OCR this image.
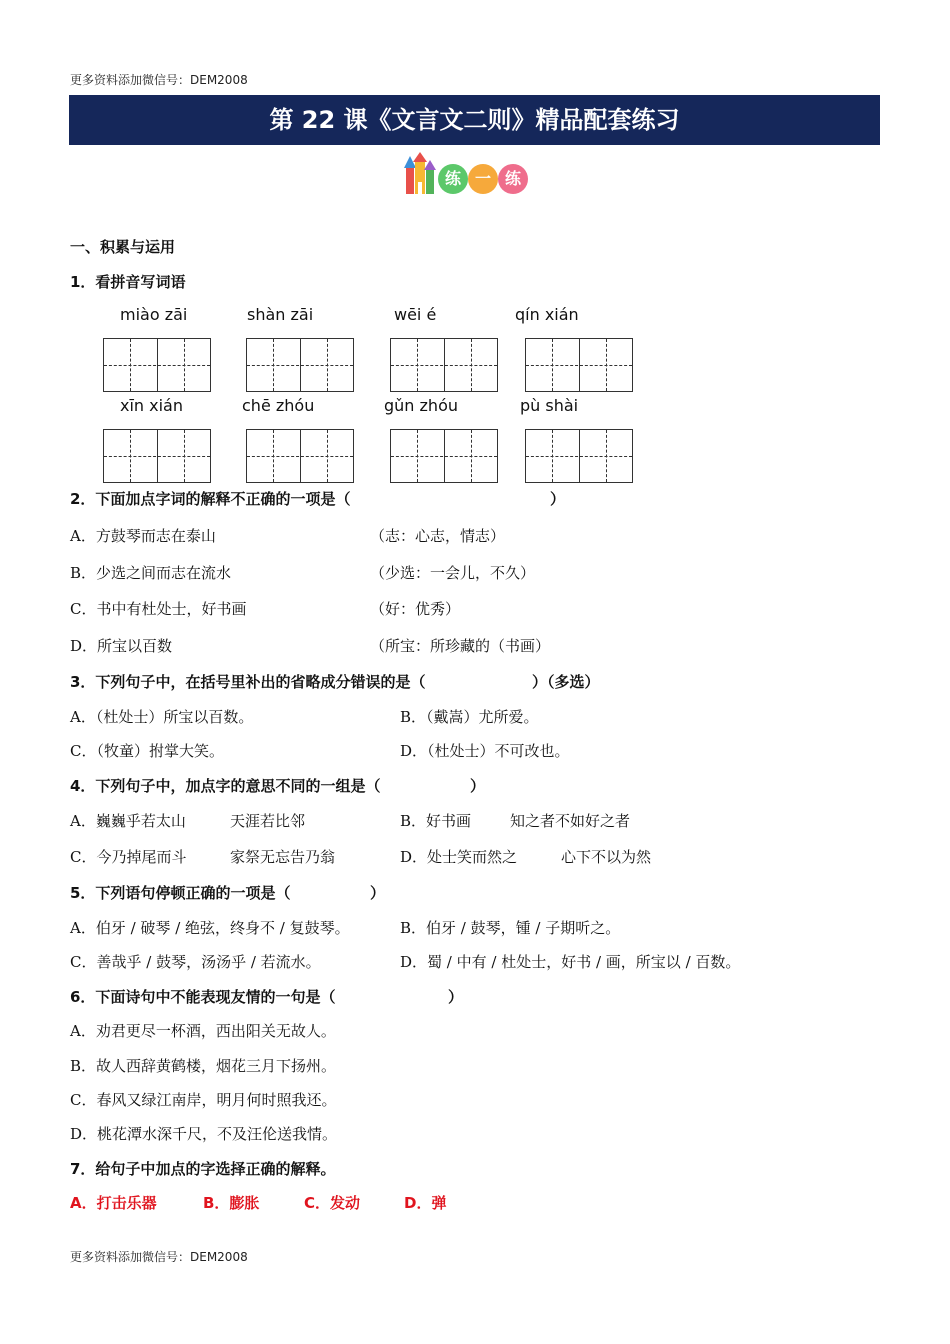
更多资料添加微信号：DEM2008
第 22 课《文言文二则》精品配套练习
练 一 练
一、积累与运用
1．看拼音写词语
miào zāi	shàn zāi	wēi é	qín xián
xīn xián	chē zhóu	gǔn zhóu	pù shài
2．下面加点字词的解释不正确的一项是（	）
A．方鼓琴而志在泰山	（志：心志，情志）
B．少选之间而志在流水	（少选：一会儿，不久）
C．书中有杜处士，好书画	（好：优秀）
D．所宝以百数	（所宝：所珍藏的（书画）
3．下列句子中，在括号里补出的省略成分错误的是（	）（多选）
A．（杜处士）所宝以百数。	B．（戴嵩）尤所爱。
C．（牧童）拊掌大笑。	D．（杜处士）不可改也。
4．下列句子中，加点字的意思不同的一组是（	）
A．巍巍乎若太山	天涯若比邻	B．好书画	知之者不如好之者
C．今乃掉尾而斗	家祭无忘告乃翁	D．处士笑而然之	心下不以为然
5．下列语句停顿正确的一项是（	）
A．伯牙 / 破琴 / 绝弦，终身不 / 复鼓琴。	B．伯牙 / 鼓琴，锺 / 子期听之。
C．善哉乎 / 鼓琴，汤汤乎 / 若流水。	D．蜀 / 中有 / 杜处士，好书 / 画，所宝以 / 百数。
6．下面诗句中不能表现友情的一句是（	）
A．劝君更尽一杯酒，西出阳关无故人。
B．故人西辞黄鹤楼，烟花三月下扬州。
C．春风又绿江南岸，明月何时照我还。
D．桃花潭水深千尺，不及汪伦送我情。
7．给句子中加点的字选择正确的解释。
A．打击乐器	B．膨胀	C．发动	D．弹
更多资料添加微信号：DEM2008
